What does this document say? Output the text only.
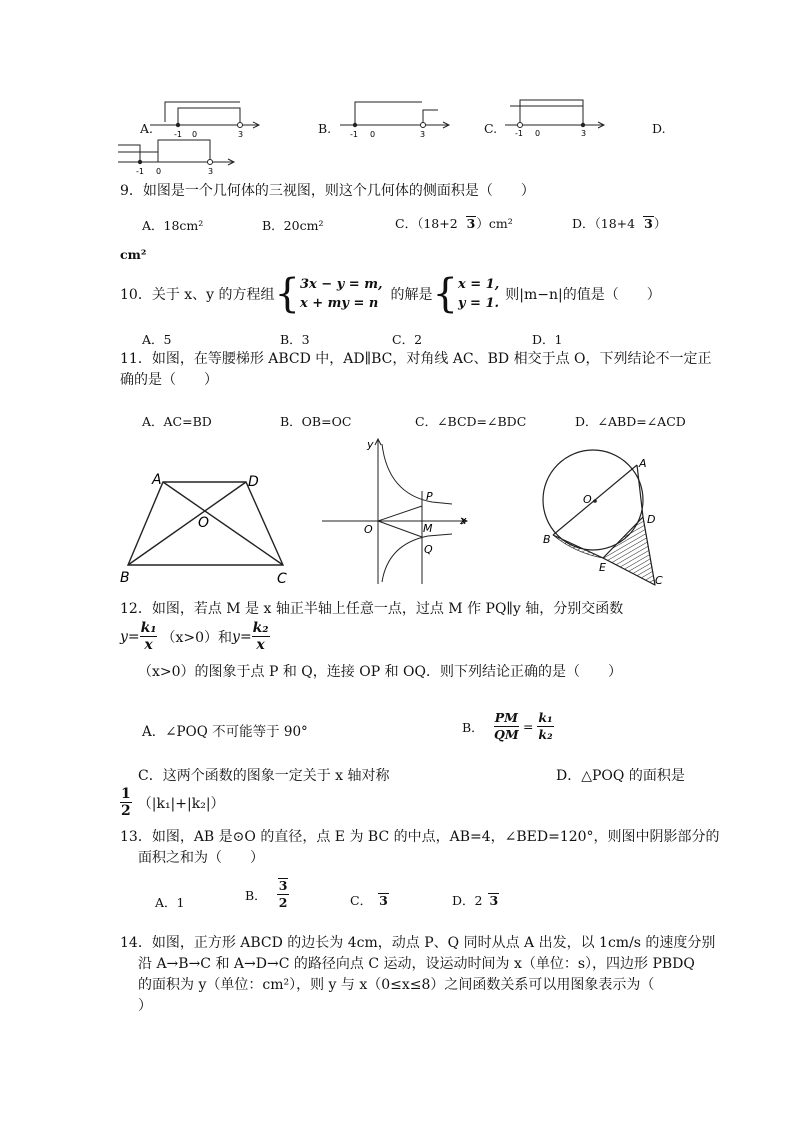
A.	-1 0	3	B. -1 0	3	C. -1 0	3	D.
-1 0	3
9．如图是一个几何体的三视图，则这个几何体的侧面积是（　　）
A．18cm²	B．20cm²	C．（18+2 3）cm²	D．（18+4 3）
cm²
10．关于 x、y 的方程组 { 3x − y = m,
x + my = n
的解是 { x = 1,
y = 1.
则|m−n|的值是（　　）
A．5	B．3	C．2	D．1
11．如图，在等腰梯形 ABCD 中，AD∥BC，对角线 AC、BD 相交于点 O，下列结论不一定正
确的是（　　）
A．AC=BD	B．OB=OC	C．∠BCD=∠BDC	D．∠ABD=∠ACD
A	D
O
B	C
y
x
O
P
M
Q
A
O
D
B
E
C
12．如图，若点 M 是 x 轴正半轴上任意一点，过点 M 作 PQ∥y 轴，分别交函数
$y= \frac{\text{k₁}}{x} (x>0)$和 $y= \frac{\text{k₂}}{x}$
（x>0）的图象于点 P 和 Q，连接 OP 和 OQ．则下列结论正确的是（　　）
A．∠POQ 不可能等于 90°	B． $\frac{PM}{QM} = \frac{\text{k₁}}{\text{k₂}}$
C．这两个函数的图象一定关于 x 轴对称	D．△POQ 的面积是
$\frac{1}{2} (|k_1|+|k_2|)$
13．如图，AB 是⊙O 的直径，点 E 为 BC 的中点，AB=4，∠BED=120°，则图中阴影部分的
面积之和为（　　）
A．1	B． $\frac{3}{2}$	C． 3	D．2 3
14．如图，正方形 ABCD 的边长为 4cm，动点 P、Q 同时从点 A 出发，以 1cm/s 的速度分别
沿 A→B→C 和 A→D→C 的路径向点 C 运动，设运动时间为 x（单位：s），四边形 PBDQ
的面积为 y（单位：cm²），则 y 与 x（0≤x≤8）之间函数关系可以用图象表示为（
）
